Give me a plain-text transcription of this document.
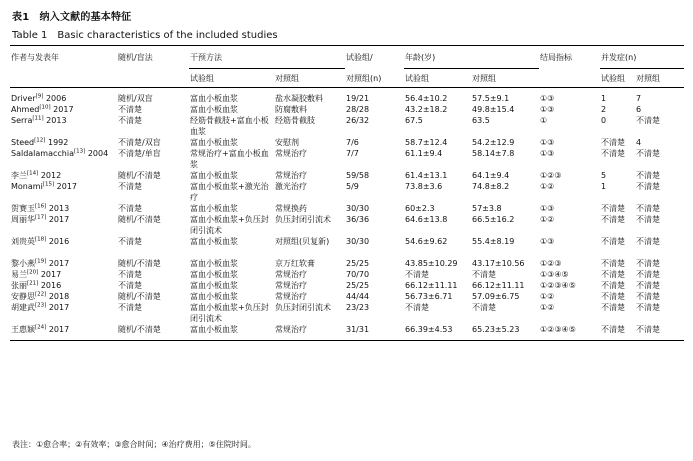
表1　纳入文献的基本特征
Table 1　Basic characteristics of the included studies

作者与发表年	随机/盲法	干预方法		试验组/	年龄(岁)		结局指标	并发症(n)	
		试验组	对照组	对照组(n)	试验组	对照组		试验组	对照组

Driver[9] 2006	随机/双盲	富血小板血浆	盐水凝胶敷料	19/21	56.4±10.2	57.5±9.1	①③	1	7
Ahmed[10] 2017	不清楚	富血小板血浆	防腐敷料	28/28	43.2±18.2	49.8±15.4	①③	2	6
Serra[11] 2013	不清楚	经筋骨截肢+富血小板血浆	经筋骨截肢	26/32	67.5	63.5	①	0	不清楚
Steed[12] 1992	不清楚/双盲	富血小板血浆	安慰剂	7/6	58.7±12.4	54.2±12.9	①③	不清楚	4
Saldalamacchia[13] 2004	不清楚/单盲	常规治疗+富血小板血浆	常规治疗	7/7	61.1±9.4	58.14±7.8	①③	不清楚	不清楚
李兰[14] 2012	随机/不清楚	富血小板血浆	常规治疗	59/58	61.4±13.1	64.1±9.4	①②③	5	不清楚
Monami[15] 2017	不清楚	富血小板血浆+激光治疗	激光治疗	5/9	73.8±3.6	74.8±8.2	①②	1	不清楚
贺赛玉[16] 2013	不清楚	富血小板血浆	常规换药	30/30	60±2.3	57±3.8	①③	不清楚	不清楚
周丽华[17] 2017	随机/不清楚	富血小板血浆+负压封闭引流术	负压封闭引流术	36/36	64.6±13.8	66.5±16.2	①②	不清楚	不清楚
刘贵英[18] 2016	不清楚	富血小板血浆	对照组(贝复新)	30/30	54.6±9.62	55.4±8.19	①③	不清楚	不清楚
黎小燕[19] 2017	随机/不清楚	富血小板血浆	京万红软膏	25/25	43.85±10.29	43.17±10.56	①②③	不清楚	不清楚
易兰[20] 2017	不清楚	富血小板血浆	常规治疗	70/70	不清楚	不清楚	①③④⑤	不清楚	不清楚
张丽[21] 2016	不清楚	富血小板血浆	常规治疗	25/25	66.12±11.11	66.12±11.11	①②③④⑤	不清楚	不清楚
安静思[22] 2018	随机/不清楚	富血小板血浆	常规治疗	44/44	56.73±6.71	57.09±6.75	①②	不清楚	不清楚
胡建武[23] 2017	不清楚	富血小板血浆+负压封闭引流术	负压封闭引流术	23/23	不清楚	不清楚	①②	不清楚	不清楚
王惠颖[24] 2017	随机/不清楚	富血小板血浆	常规治疗	31/31	66.39±4.53	65.23±5.23	①②③④⑤	不清楚	不清楚

表注：①愈合率；②有效率；③愈合时间；④治疗费用；⑤住院时间。
